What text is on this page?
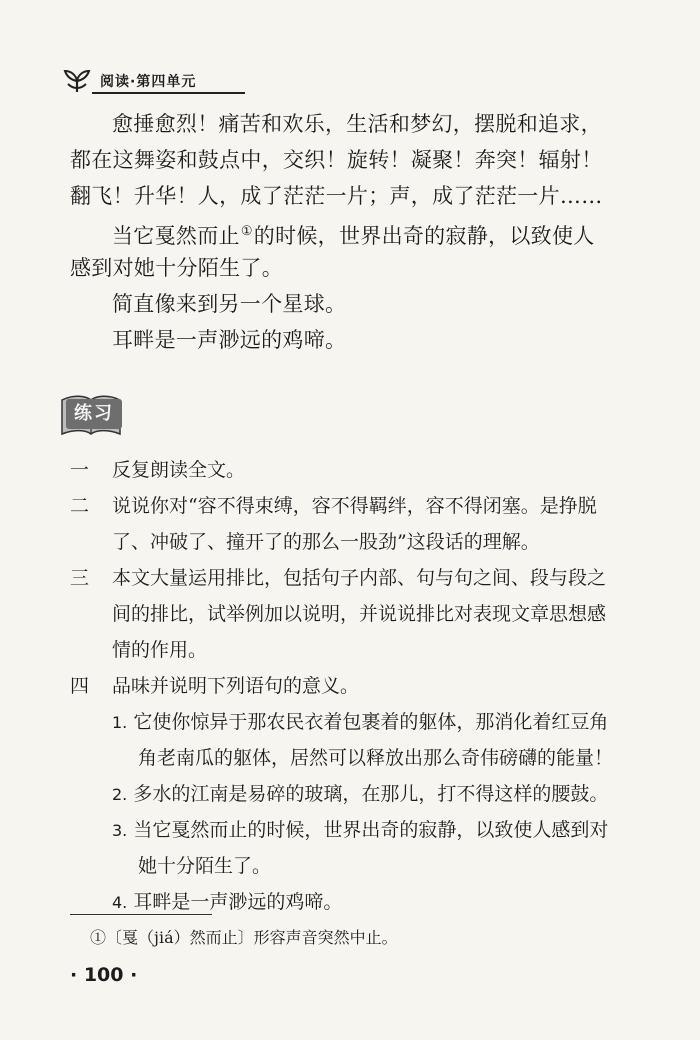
阅读·第四单元
愈捶愈烈！痛苦和欢乐，生活和梦幻，摆脱和追求，
都在这舞姿和鼓点中，交织！旋转！凝聚！奔突！辐射！
翻飞！升华！人，成了茫茫一片；声，成了茫茫一片……
当它戛然而止①的时候，世界出奇的寂静，以致使人
感到对她十分陌生了。
简直像来到另一个星球。
耳畔是一声渺远的鸡啼。
练习
一 反复朗读全文。
二 说说你对“容不得束缚，容不得羁绊，容不得闭塞。是挣脱
了、冲破了、撞开了的那么一股劲”这段话的理解。
三 本文大量运用排比，包括句子内部、句与句之间、段与段之
间的排比，试举例加以说明，并说说排比对表现文章思想感
情的作用。
四 品味并说明下列语句的意义。
1. 它使你惊异于那农民衣着包裹着的躯体，那消化着红豆角
角老南瓜的躯体，居然可以释放出那么奇伟磅礴的能量！
2. 多水的江南是易碎的玻璃，在那儿，打不得这样的腰鼓。
3. 当它戛然而止的时候，世界出奇的寂静，以致使人感到对
她十分陌生了。
4. 耳畔是一声渺远的鸡啼。
①〔戛（jiá）然而止〕形容声音突然中止。
· 100 ·
